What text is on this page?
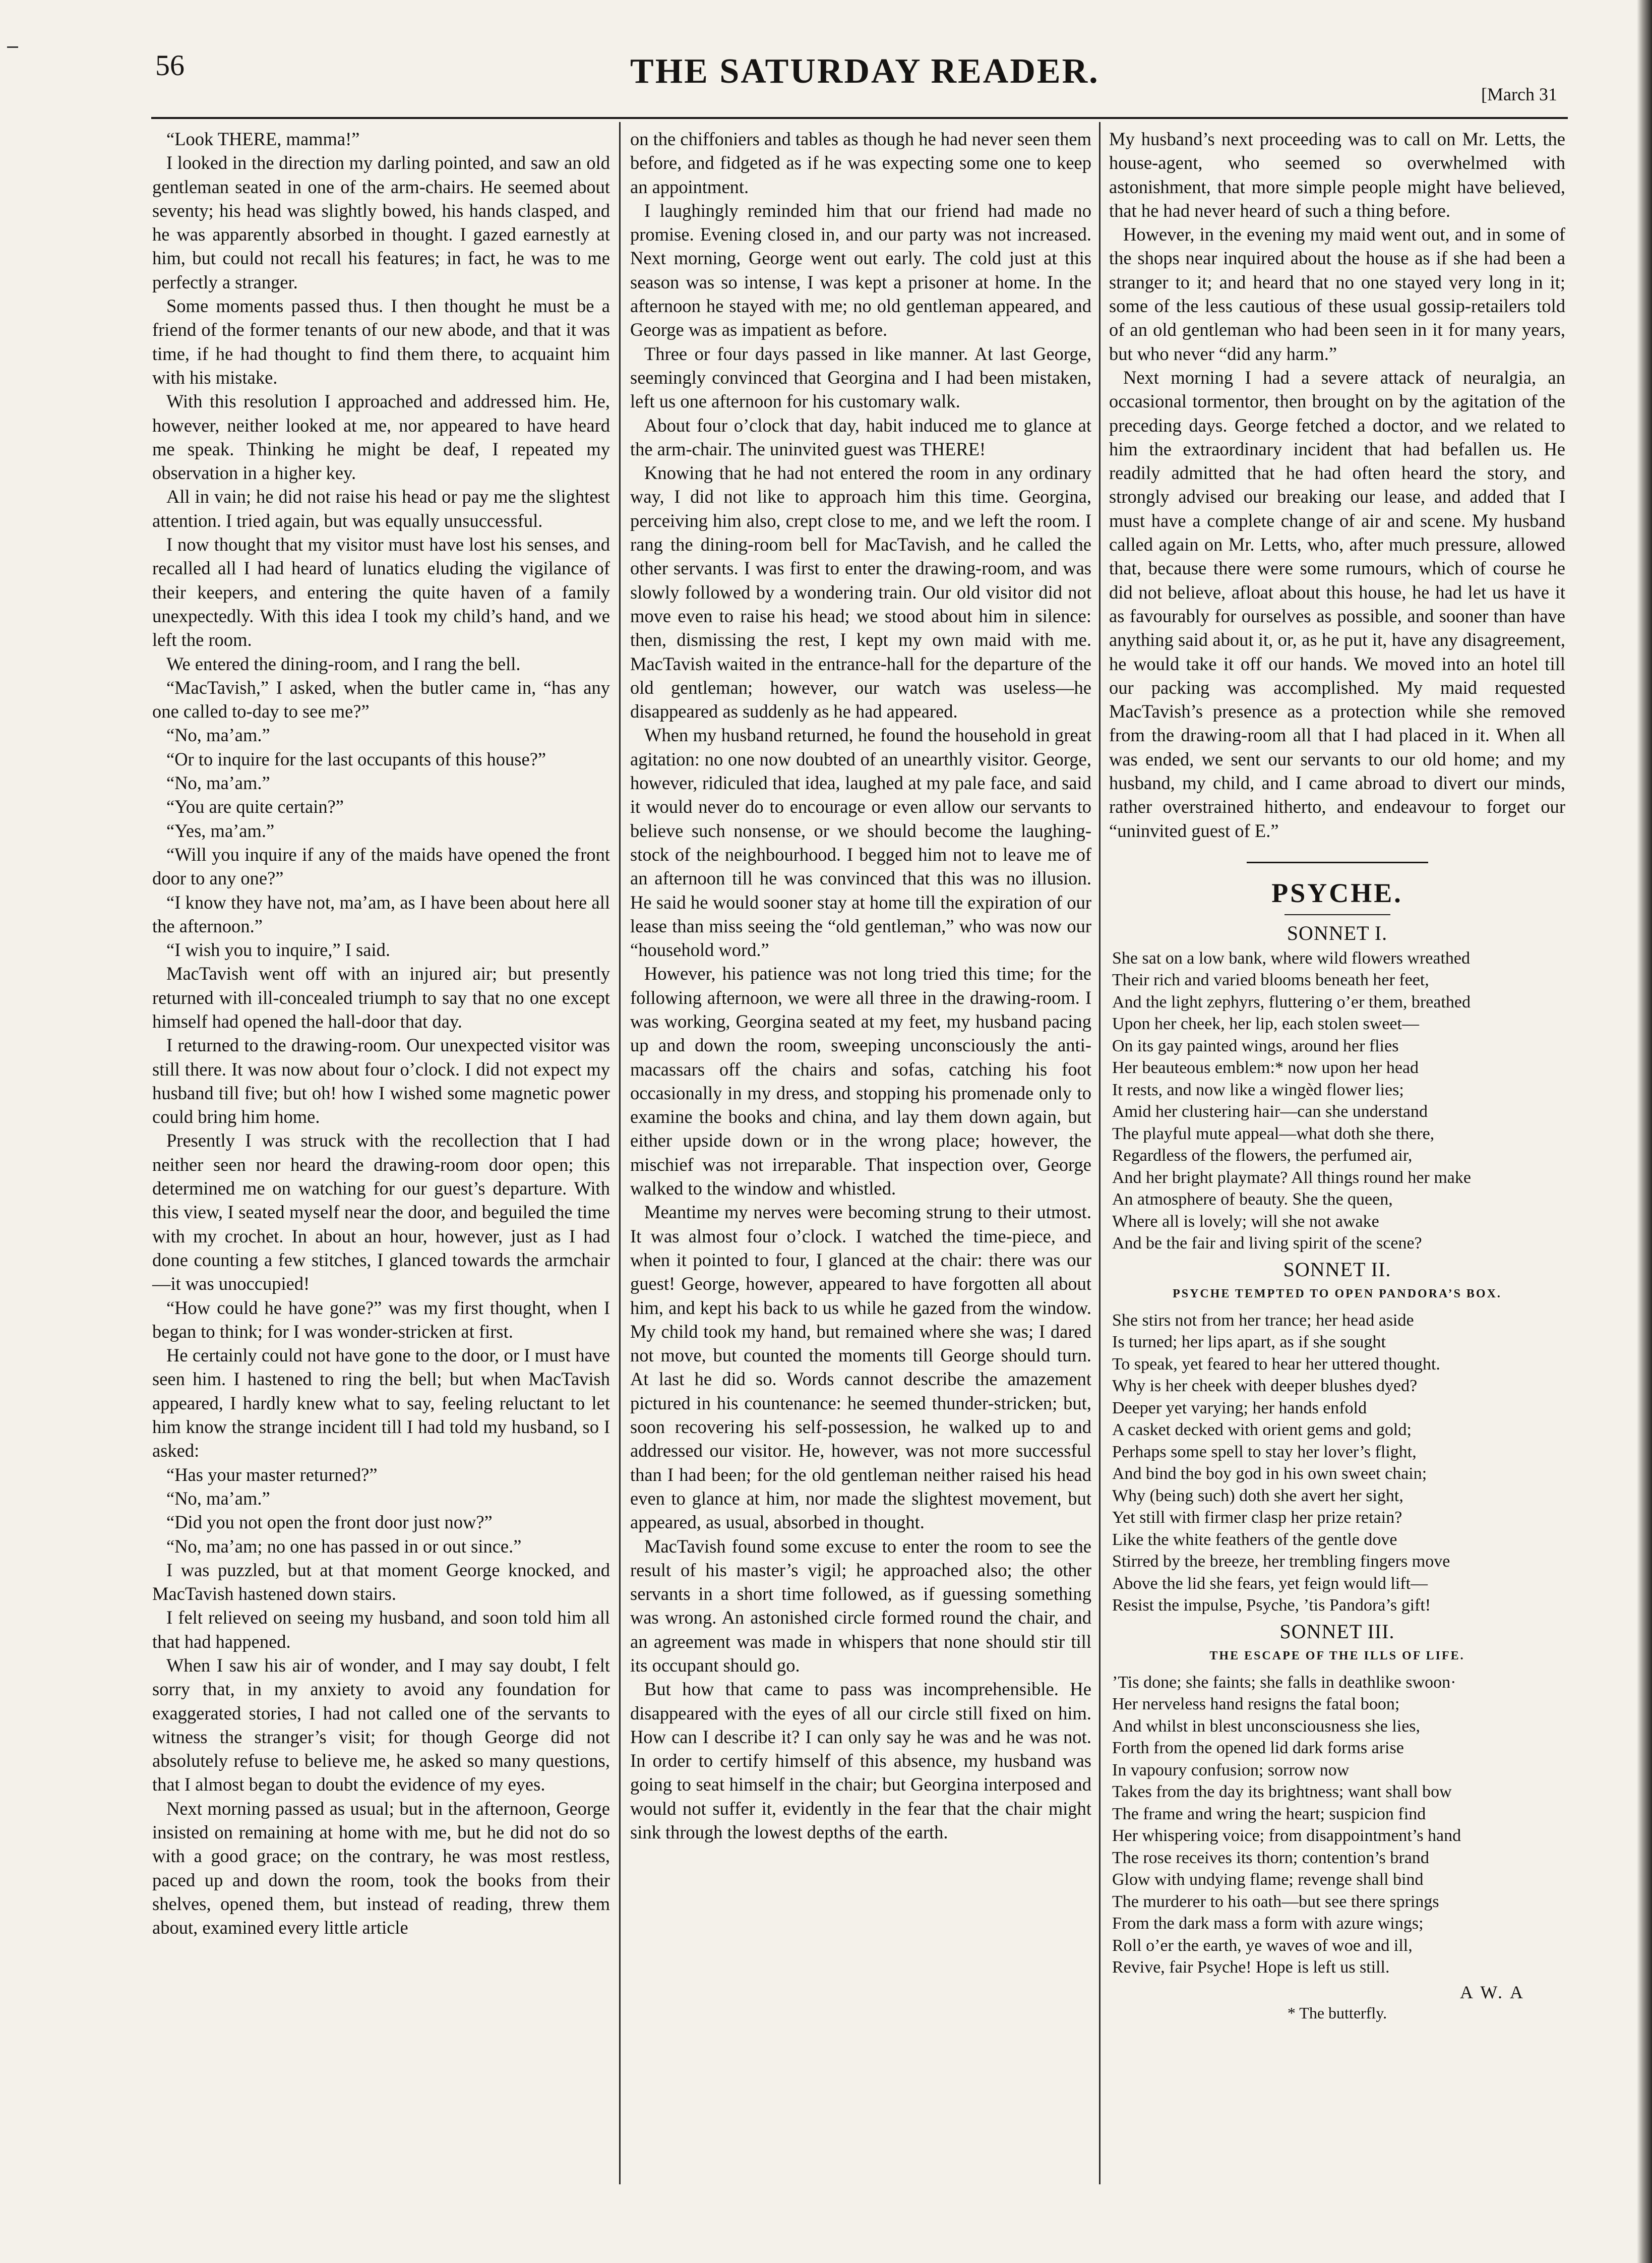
56	THE SATURDAY READER.
[March 31

“Look THERE, mamma!”

I looked in the direction my darling pointed, and saw an old gentleman seated in one of the arm-chairs. He seemed about seventy; his head was slightly bowed, his hands clasped, and he was apparently absorbed in thought. I gazed earnestly at him, but could not recall his features; in fact, he was to me perfectly a stranger.

Some moments passed thus. I then thought he must be a friend of the former tenants of our new abode, and that it was time, if he had thought to find them there, to acquaint him with his mistake.

With this resolution I approached and addressed him. He, however, neither looked at me, nor appeared to have heard me speak. Thinking he might be deaf, I repeated my observation in a higher key.

All in vain; he did not raise his head or pay me the slightest attention. I tried again, but was equally unsuccessful.

I now thought that my visitor must have lost his senses, and recalled all I had heard of lunatics eluding the vigilance of their keepers, and entering the quite haven of a family unexpectedly. With this idea I took my child’s hand, and we left the room.

We entered the dining-room, and I rang the bell.

“MacTavish,” I asked, when the butler came in, “has any one called to-day to see me?”

“No, ma’am.”

“Or to inquire for the last occupants of this house?”

“No, ma’am.”

“You are quite certain?”

“Yes, ma’am.”

“Will you inquire if any of the maids have opened the front door to any one?”

“I know they have not, ma’am, as I have been about here all the afternoon.”

“I wish you to inquire,” I said.

MacTavish went off with an injured air; but presently returned with ill-concealed triumph to say that no one except himself had opened the hall-door that day.

I returned to the drawing-room. Our unexpected visitor was still there. It was now about four o’clock. I did not expect my husband till five; but oh! how I wished some magnetic power could bring him home.

Presently I was struck with the recollection that I had neither seen nor heard the drawing-room door open; this determined me on watching for our guest’s departure. With this view, I seated myself near the door, and beguiled the time with my crochet. In about an hour, however, just as I had done counting a few stitches, I glanced towards the armchair—it was unoccupied!

“How could he have gone?” was my first thought, when I began to think; for I was wonder-stricken at first.

He certainly could not have gone to the door, or I must have seen him. I hastened to ring the bell; but when MacTavish appeared, I hardly knew what to say, feeling reluctant to let him know the strange incident till I had told my husband, so I asked:

“Has your master returned?”

“No, ma’am.”

“Did you not open the front door just now?”

“No, ma’am; no one has passed in or out since.”

I was puzzled, but at that moment George knocked, and MacTavish hastened down stairs.

I felt relieved on seeing my husband, and soon told him all that had happened.

When I saw his air of wonder, and I may say doubt, I felt sorry that, in my anxiety to avoid any foundation for exaggerated stories, I had not called one of the servants to witness the stranger’s visit; for though George did not absolutely refuse to believe me, he asked so many questions, that I almost began to doubt the evidence of my eyes.

Next morning passed as usual; but in the afternoon, George insisted on remaining at home with me, but he did not do so with a good grace; on the contrary, he was most restless, paced up and down the room, took the books from their shelves, opened them, but instead of reading, threw them about, examined every little article

on the chiffoniers and tables as though he had never seen them before, and fidgeted as if he was expecting some one to keep an appointment.

I laughingly reminded him that our friend had made no promise. Evening closed in, and our party was not increased. Next morning, George went out early. The cold just at this season was so intense, I was kept a prisoner at home. In the afternoon he stayed with me; no old gentleman appeared, and George was as impatient as before.

Three or four days passed in like manner. At last George, seemingly convinced that Georgina and I had been mistaken, left us one afternoon for his customary walk.

About four o’clock that day, habit induced me to glance at the arm-chair. The uninvited guest was THERE!

Knowing that he had not entered the room in any ordinary way, I did not like to approach him this time. Georgina, perceiving him also, crept close to me, and we left the room. I rang the dining-room bell for MacTavish, and he called the other servants. I was first to enter the drawing-room, and was slowly followed by a wondering train. Our old visitor did not move even to raise his head; we stood about him in silence: then, dismissing the rest, I kept my own maid with me. MacTavish waited in the entrance-hall for the departure of the old gentleman; however, our watch was useless—he disappeared as suddenly as he had appeared.

When my husband returned, he found the household in great agitation: no one now doubted of an unearthly visitor. George, however, ridiculed that idea, laughed at my pale face, and said it would never do to encourage or even allow our servants to believe such nonsense, or we should become the laughing-stock of the neighbourhood. I begged him not to leave me of an afternoon till he was convinced that this was no illusion. He said he would sooner stay at home till the expiration of our lease than miss seeing the “old gentleman,” who was now our “household word.”

However, his patience was not long tried this time; for the following afternoon, we were all three in the drawing-room. I was working, Georgina seated at my feet, my husband pacing up and down the room, sweeping unconsciously the anti-macassars off the chairs and sofas, catching his foot occasionally in my dress, and stopping his promenade only to examine the books and china, and lay them down again, but either upside down or in the wrong place; however, the mischief was not irreparable. That inspection over, George walked to the window and whistled.

Meantime my nerves were becoming strung to their utmost. It was almost four o’clock. I watched the time-piece, and when it pointed to four, I glanced at the chair: there was our guest! George, however, appeared to have forgotten all about him, and kept his back to us while he gazed from the window. My child took my hand, but remained where she was; I dared not move, but counted the moments till George should turn. At last he did so. Words cannot describe the amazement pictured in his countenance: he seemed thunder-stricken; but, soon recovering his self-possession, he walked up to and addressed our visitor. He, however, was not more successful than I had been; for the old gentleman neither raised his head even to glance at him, nor made the slightest movement, but appeared, as usual, absorbed in thought.

MacTavish found some excuse to enter the room to see the result of his master’s vigil; he approached also; the other servants in a short time followed, as if guessing something was wrong. An astonished circle formed round the chair, and an agreement was made in whispers that none should stir till its occupant should go.

But how that came to pass was incomprehensible. He disappeared with the eyes of all our circle still fixed on him. How can I describe it? I can only say he was and he was not. In order to certify himself of this absence, my husband was going to seat himself in the chair; but Georgina interposed and would not suffer it, evidently in the fear that the chair might sink through the lowest depths of the earth.

My husband’s next proceeding was to call on Mr. Letts, the house-agent, who seemed so overwhelmed with astonishment, that more simple people might have believed, that he had never heard of such a thing before.

However, in the evening my maid went out, and in some of the shops near inquired about the house as if she had been a stranger to it; and heard that no one stayed very long in it; some of the less cautious of these usual gossip-retailers told of an old gentleman who had been seen in it for many years, but who never “did any harm.”

Next morning I had a severe attack of neuralgia, an occasional tormentor, then brought on by the agitation of the preceding days. George fetched a doctor, and we related to him the extraordinary incident that had befallen us. He readily admitted that he had often heard the story, and strongly advised our breaking our lease, and added that I must have a complete change of air and scene. My husband called again on Mr. Letts, who, after much pressure, allowed that, because there were some rumours, which of course he did not believe, afloat about this house, he had let us have it as favourably for ourselves as possible, and sooner than have anything said about it, or, as he put it, have any disagreement, he would take it off our hands. We moved into an hotel till our packing was accomplished. My maid requested MacTavish’s presence as a protection while she removed from the drawing-room all that I had placed in it. When all was ended, we sent our servants to our old home; and my husband, my child, and I came abroad to divert our minds, rather overstrained hitherto, and endeavour to forget our “uninvited guest of E.”

PSYCHE.
SONNET I.
She sat on a low bank, where wild flowers wreathed
Their rich and varied blooms beneath her feet,
And the light zephyrs, fluttering o’er them, breathed
Upon her cheek, her lip, each stolen sweet—
On its gay painted wings, around her flies
Her beauteous emblem:* now upon her head
It rests, and now like a wingèd flower lies;
Amid her clustering hair—can she understand
The playful mute appeal—what doth she there,
Regardless of the flowers, the perfumed air,
And her bright playmate? All things round her make
An atmosphere of beauty. She the queen,
Where all is lovely; will she not awake
And be the fair and living spirit of the scene?
SONNET II.
PSYCHE TEMPTED TO OPEN PANDORA’S BOX.
She stirs not from her trance; her head aside
Is turned; her lips apart, as if she sought
To speak, yet feared to hear her uttered thought.
Why is her cheek with deeper blushes dyed?
Deeper yet varying; her hands enfold
A casket decked with orient gems and gold;
Perhaps some spell to stay her lover’s flight,
And bind the boy god in his own sweet chain;
Why (being such) doth she avert her sight,
Yet still with firmer clasp her prize retain?
Like the white feathers of the gentle dove
Stirred by the breeze, her trembling fingers move
Above the lid she fears, yet feign would lift—
Resist the impulse, Psyche, ’tis Pandora’s gift!
SONNET III.
THE ESCAPE OF THE ILLS OF LIFE.
’Tis done; she faints; she falls in deathlike swoon·
Her nerveless hand resigns the fatal boon;
And whilst in blest unconsciousness she lies,
Forth from the opened lid dark forms arise
In vapoury confusion; sorrow now
Takes from the day its brightness; want shall bow
The frame and wring the heart; suspicion find
Her whispering voice; from disappointment’s hand
The rose receives its thorn; contention’s brand
Glow with undying flame; revenge shall bind
The murderer to his oath—but see there springs
From the dark mass a form with azure wings;
Roll o’er the earth, ye waves of woe and ill,
Revive, fair Psyche! Hope is left us still.
A W. A
* The butterfly.
